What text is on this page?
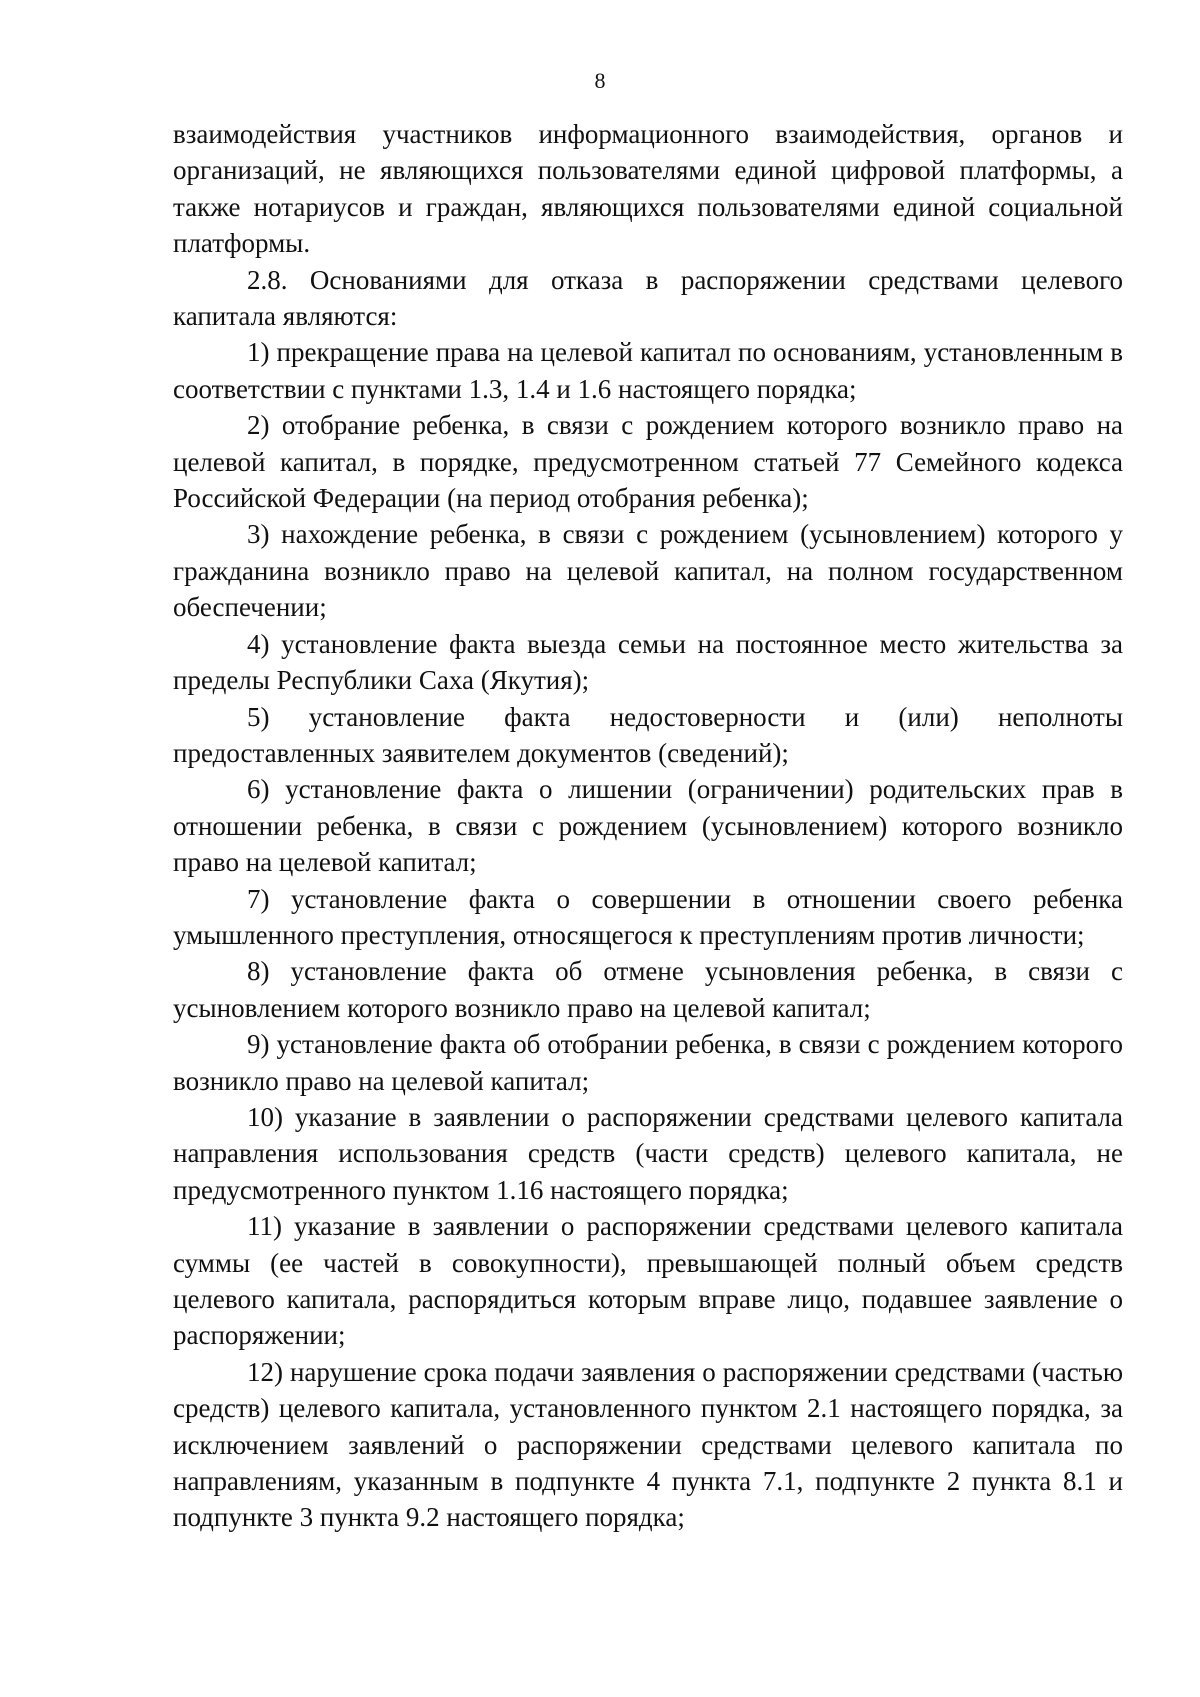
8

взаимодействия участников информационного взаимодействия, органов и организаций, не являющихся пользователями единой цифровой платформы, а также нотариусов и граждан, являющихся пользователями единой социальной платформы.

2.8. Основаниями для отказа в распоряжении средствами целевого капитала являются:

1) прекращение права на целевой капитал по основаниям, установленным в соответствии с пунктами 1.3, 1.4 и 1.6 настоящего порядка;

2) отобрание ребенка, в связи с рождением которого возникло право на целевой капитал, в порядке, предусмотренном статьей 77 Семейного кодекса Российской Федерации (на период отобрания ребенка);

3) нахождение ребенка, в связи с рождением (усыновлением) которого у гражданина возникло право на целевой капитал, на полном государственном обеспечении;

4) установление факта выезда семьи на постоянное место жительства за пределы Республики Саха (Якутия);

5) установление факта недостоверности и (или) неполноты предоставленных заявителем документов (сведений);

6) установление факта о лишении (ограничении) родительских прав в отношении ребенка, в связи с рождением (усыновлением) которого возникло право на целевой капитал;

7) установление факта о совершении в отношении своего ребенка умышленного преступления, относящегося к преступлениям против личности;

8) установление факта об отмене усыновления ребенка, в связи с усыновлением которого возникло право на целевой капитал;

9) установление факта об отобрании ребенка, в связи с рождением которого возникло право на целевой капитал;

10) указание в заявлении о распоряжении средствами целевого капитала направления использования средств (части средств) целевого капитала, не предусмотренного пунктом 1.16 настоящего порядка;

11) указание в заявлении о распоряжении средствами целевого капитала суммы (ее частей в совокупности), превышающей полный объем средств целевого капитала, распорядиться которым вправе лицо, подавшее заявление о распоряжении;

12) нарушение срока подачи заявления о распоряжении средствами (частью средств) целевого капитала, установленного пунктом 2.1 настоящего порядка, за исключением заявлений о распоряжении средствами целевого капитала по направлениям, указанным в подпункте 4 пункта 7.1, подпункте 2 пункта 8.1 и подпункте 3 пункта 9.2 настоящего порядка;
